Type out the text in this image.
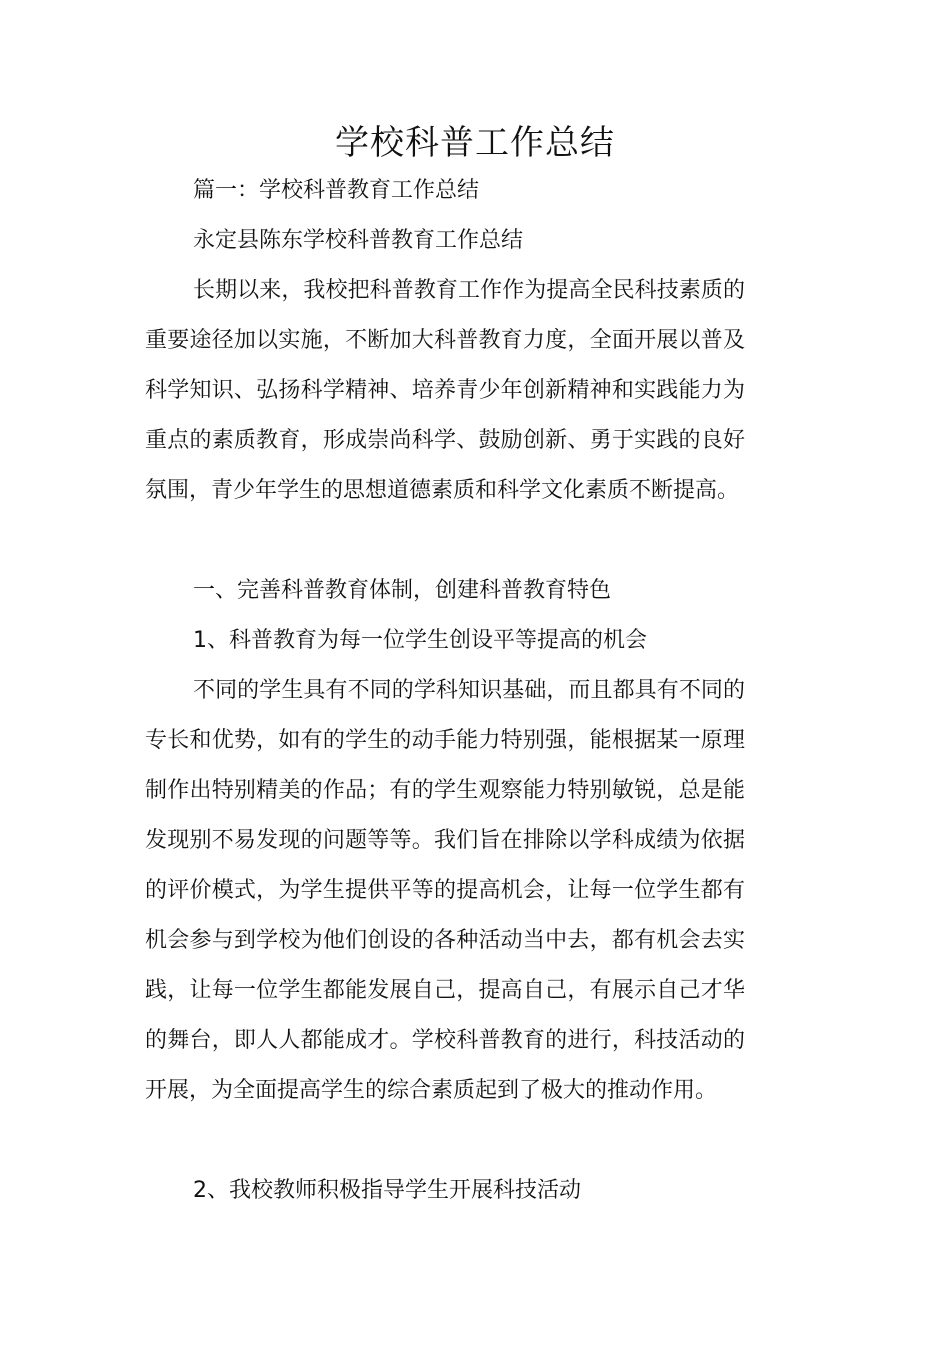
学校科普工作总结

篇一：学校科普教育工作总结

永定县陈东学校科普教育工作总结

长期以来，我校把科普教育工作作为提高全民科技素质的重要途径加以实施，不断加大科普教育力度，全面开展以普及科学知识、弘扬科学精神、培养青少年创新精神和实践能力为重点的素质教育，形成崇尚科学、鼓励创新、勇于实践的良好氛围，青少年学生的思想道德素质和科学文化素质不断提高。

一、完善科普教育体制，创建科普教育特色

1、科普教育为每一位学生创设平等提高的机会

不同的学生具有不同的学科知识基础，而且都具有不同的专长和优势，如有的学生的动手能力特别强，能根据某一原理制作出特别精美的作品；有的学生观察能力特别敏锐，总是能发现别不易发现的问题等等。我们旨在排除以学科成绩为依据的评价模式，为学生提供平等的提高机会，让每一位学生都有机会参与到学校为他们创设的各种活动当中去，都有机会去实践，让每一位学生都能发展自己，提高自己，有展示自己才华的舞台，即人人都能成才。学校科普教育的进行，科技活动的开展，为全面提高学生的综合素质起到了极大的推动作用。

2、我校教师积极指导学生开展科技活动
